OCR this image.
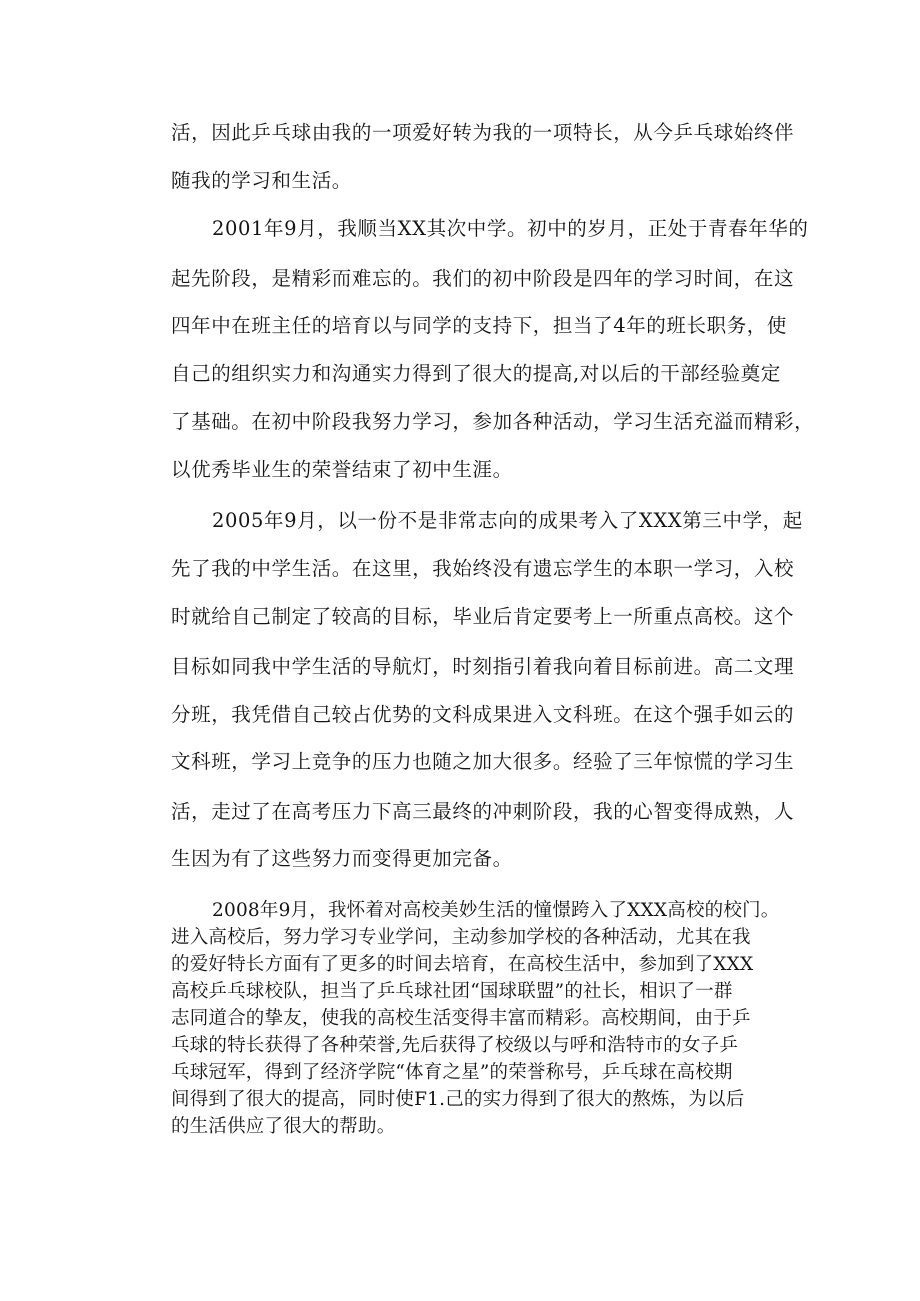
活，因此乒乓球由我的一项爱好转为我的一项特长，从今乒乓球始终伴
随我的学习和生活。
2001年9月，我顺当XX其次中学。初中的岁月，正处于青春年华的
起先阶段，是精彩而难忘的。我们的初中阶段是四年的学习时间，在这
四年中在班主任的培育以与同学的支持下，担当了4年的班长职务，使
自己的组织实力和沟通实力得到了很大的提高,对以后的干部经验奠定
了基础。在初中阶段我努力学习，参加各种活动，学习生活充溢而精彩，
以优秀毕业生的荣誉结束了初中生涯。
2005年9月，以一份不是非常志向的成果考入了XXX第三中学，起
先了我的中学生活。在这里，我始终没有遗忘学生的本职一学习，入校
时就给自己制定了较高的目标，毕业后肯定要考上一所重点高校。这个
目标如同我中学生活的导航灯，时刻指引着我向着目标前进。高二文理
分班，我凭借自己较占优势的文科成果进入文科班。在这个强手如云的
文科班，学习上竞争的压力也随之加大很多。经验了三年惊慌的学习生
活，走过了在高考压力下高三最终的冲刺阶段，我的心智变得成熟，人
生因为有了这些努力而变得更加完备。
2008年9月，我怀着对高校美妙生活的憧憬跨入了XXX高校的校门。
进入高校后，努力学习专业学问，主动参加学校的各种活动，尤其在我
的爱好特长方面有了更多的时间去培育，在高校生活中，参加到了XXX
高校乒乓球校队，担当了乒乓球社团“国球联盟”的社长，相识了一群
志同道合的挚友，使我的高校生活变得丰富而精彩。高校期间，由于乒
乓球的特长获得了各种荣誉,先后获得了校级以与呼和浩特市的女子乒
乓球冠军，得到了经济学院“体育之星”的荣誉称号，乒乓球在高校期
间得到了很大的提高，同时使F1.己的实力得到了很大的熬炼，为以后
的生活供应了很大的帮助。
